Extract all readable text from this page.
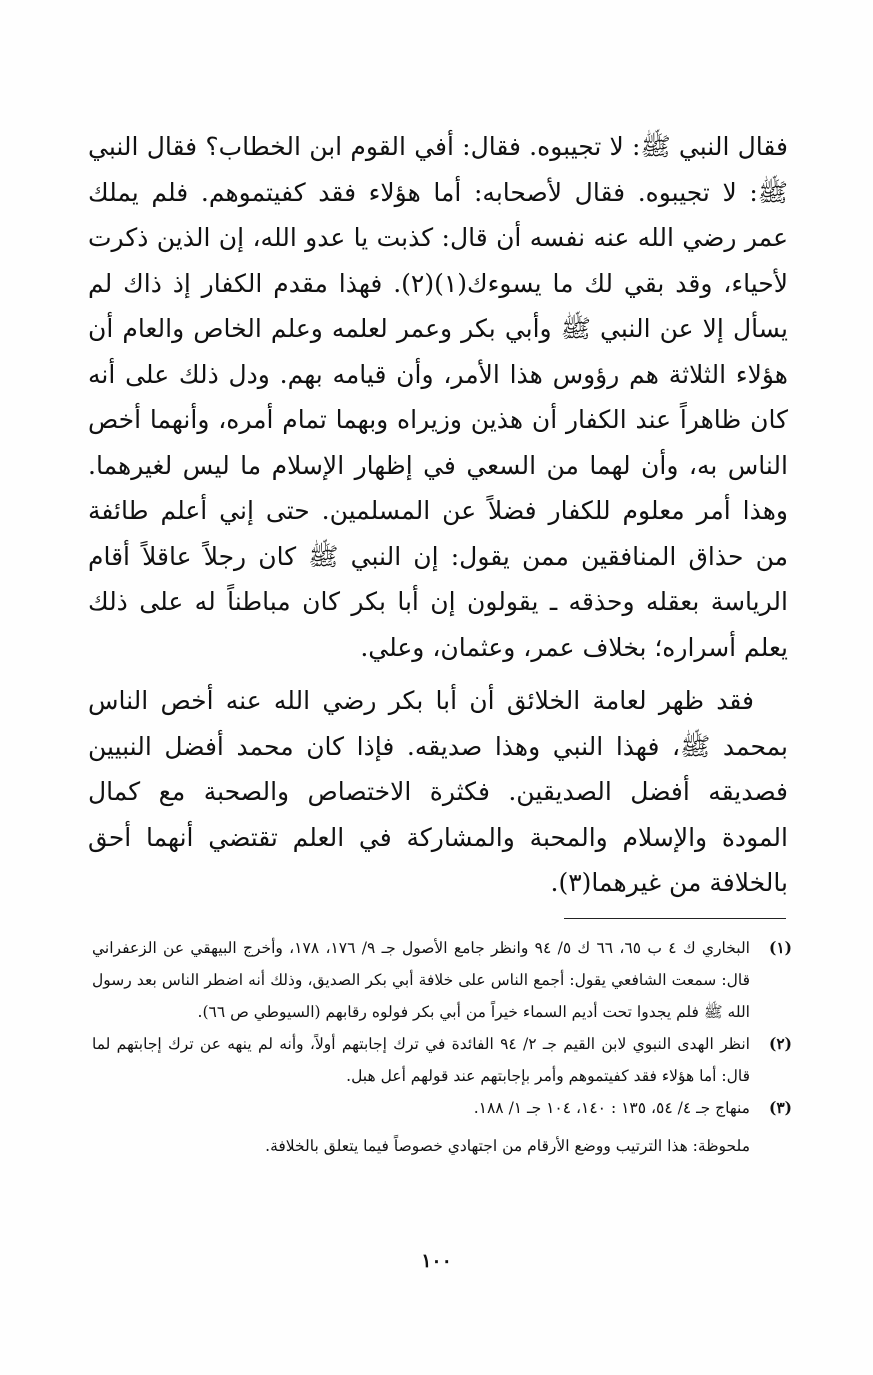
فقال النبي ﷺ: لا تجيبوه. فقال: أفي القوم ابن الخطاب؟ فقال النبي ﷺ: لا تجيبوه. فقال لأصحابه: أما هؤلاء فقد كفيتموهم. فلم يملك عمر رضي الله عنه نفسه أن قال: كذبت يا عدو الله، إن الذين ذكرت لأحياء، وقد بقي لك ما يسوءك(١)(٢). فهذا مقدم الكفار إذ ذاك لم يسأل إلا عن النبي ﷺ وأبي بكر وعمر لعلمه وعلم الخاص والعام أن هؤلاء الثلاثة هم رؤوس هذا الأمر، وأن قيامه بهم. ودل ذلك على أنه كان ظاهراً عند الكفار أن هذين وزيراه وبهما تمام أمره، وأنهما أخص الناس به، وأن لهما من السعي في إظهار الإسلام ما ليس لغيرهما. وهذا أمر معلوم للكفار فضلاً عن المسلمين. حتى إني أعلم طائفة من حذاق المنافقين ممن يقول: إن النبي ﷺ كان رجلاً عاقلاً أقام الرياسة بعقله وحذقه ـ يقولون إن أبا بكر كان مباطناً له على ذلك يعلم أسراره؛ بخلاف عمر، وعثمان، وعلي.

فقد ظهر لعامة الخلائق أن أبا بكر رضي الله عنه أخص الناس بمحمد ﷺ، فهذا النبي وهذا صديقه. فإذا كان محمد أفضل النبيين فصديقه أفضل الصديقين. فكثرة الاختصاص والصحبة مع كمال المودة والإسلام والمحبة والمشاركة في العلم تقتضي أنهما أحق بالخلافة من غيرهما(٣).

(١)
البخاري ك ٤ ب ٦٥، ٦٦ ك ٥/ ٩٤ وانظر جامع الأصول جـ ٩/ ١٧٦، ١٧٨، وأخرج البيهقي عن الزعفراني قال: سمعت الشافعي يقول: أجمع الناس على خلافة أبي بكر الصديق، وذلك أنه اضطر الناس بعد رسول الله ﷺ فلم يجدوا تحت أديم السماء خيراً من أبي بكر فولوه رقابهم (السيوطي ص ٦٦).
(٢)
انظر الهدى النبوي لابن القيم جـ ٢/ ٩٤ الفائدة في ترك إجابتهم أولاً، وأنه لم ينهه عن ترك إجابتهم لما قال: أما هؤلاء فقد كفيتموهم وأمر بإجابتهم عند قولهم أعل هبل.
(٣)
منهاج جـ ٤/ ٥٤، ١٣٥ : ١٤٠، ١٠٤ جـ ١/ ١٨٨.
ملحوظة: هذا الترتيب ووضع الأرقام من اجتهادي خصوصاً فيما يتعلق بالخلافة.
١٠٠
